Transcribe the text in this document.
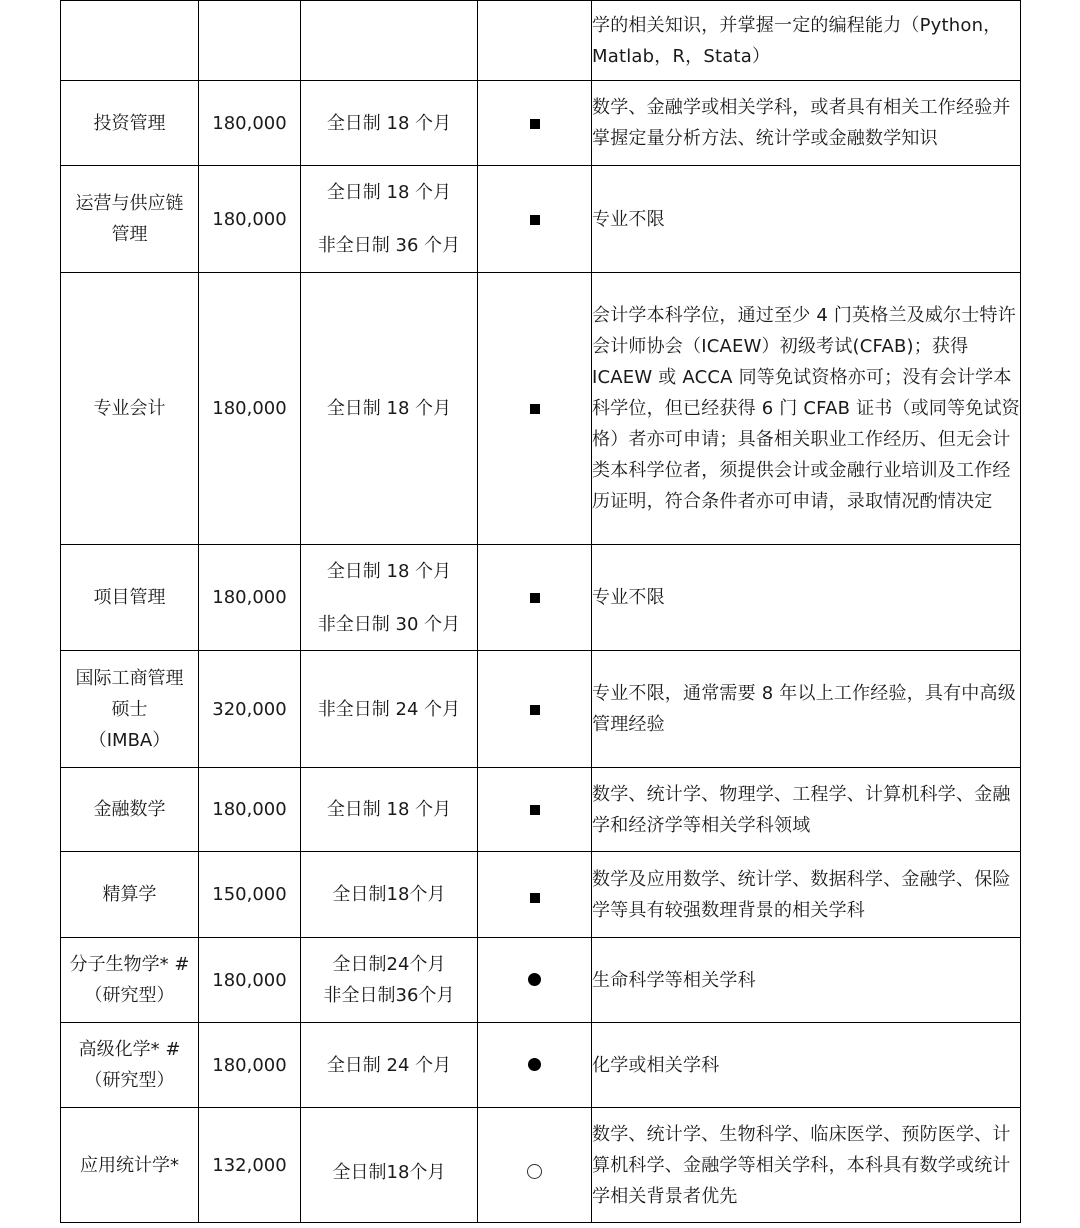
				学的相关知识，并掌握一定的编程能力（Python，Matlab，R，Stata）

投资管理	180,000	全日制 18 个月		数学、金融学或相关学科，或者具有相关工作经验并掌握定量分析方法、统计学或金融数学知识

运营与供应链
管理	180,000	全日制 18 个月
非全日制 36 个月		专业不限

专业会计	180,000	全日制 18 个月		会计学本科学位，通过至少 4 门英格兰及威尔士特许会计师协会（ICAEW）初级考试(CFAB)；获得 ICAEW 或 ACCA 同等免试资格亦可；没有会计学本科学位，但已经获得 6 门 CFAB 证书（或同等免试资格）者亦可申请；具备相关职业工作经历、但无会计类本科学位者，须提供会计或金融行业培训及工作经历证明，符合条件者亦可申请，录取情况酌情决定

项目管理	180,000	全日制 18 个月
非全日制 30 个月		专业不限

国际工商管理
硕士
（IMBA）	320,000	非全日制 24 个月		专业不限，通常需要 8 年以上工作经验，具有中高级管理经验

金融数学	180,000	全日制 18 个月		数学、统计学、物理学、工程学、计算机科学、金融学和经济学等相关学科领域

精算学	150,000	全日制18个月		数学及应用数学、统计学、数据科学、金融学、保险学等具有较强数理背景的相关学科

分子生物学* #
（研究型）	180,000	全日制24个月
非全日制36个月		生命科学等相关学科

高级化学* #
（研究型）	180,000	全日制 24 个月		化学或相关学科

应用统计学*	132,000	全日制18个月		数学、统计学、生物科学、临床医学、预防医学、计算机科学、金融学等相关学科，本科具有数学或统计学相关背景者优先
